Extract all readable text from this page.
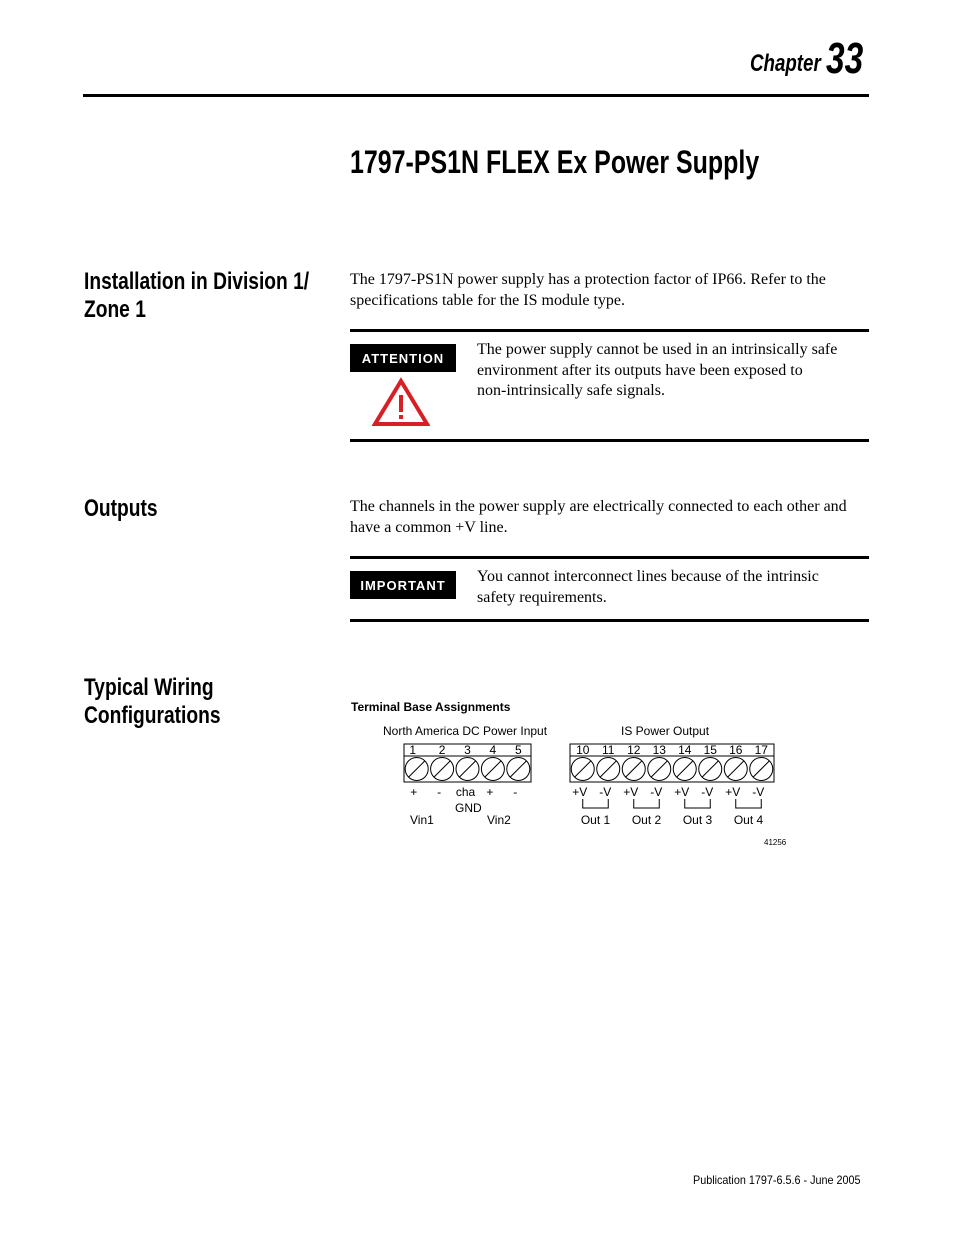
Chapter 33
1797-PS1N FLEX Ex Power Supply
Installation in Division 1/
Zone 1
The 1797-PS1N power supply has a protection factor of IP66. Refer to the
specifications table for the IS module type.
ATTENTION	The power supply cannot be used in an intrinsically safe
environment after its outputs have been exposed to
non-intrinsically safe signals.
Outputs	The channels in the power supply are electrically connected to each other and
have a common +V line.
IMPORTANT	You cannot interconnect lines because of the intrinsic
safety requirements.
Typical Wiring
Configurations	Terminal Base Assignments
North America DC Power Input	IS Power Output
1 2 3 4 5
+ - cha + -
GND
Vin1	Vin2
10 11 12 13 14 15 16 17
+V -V +V -V +V -V +V -V
Out 1 Out 2 Out 3 Out 4
41256
Publication 1797-6.5.6 - June 2005
